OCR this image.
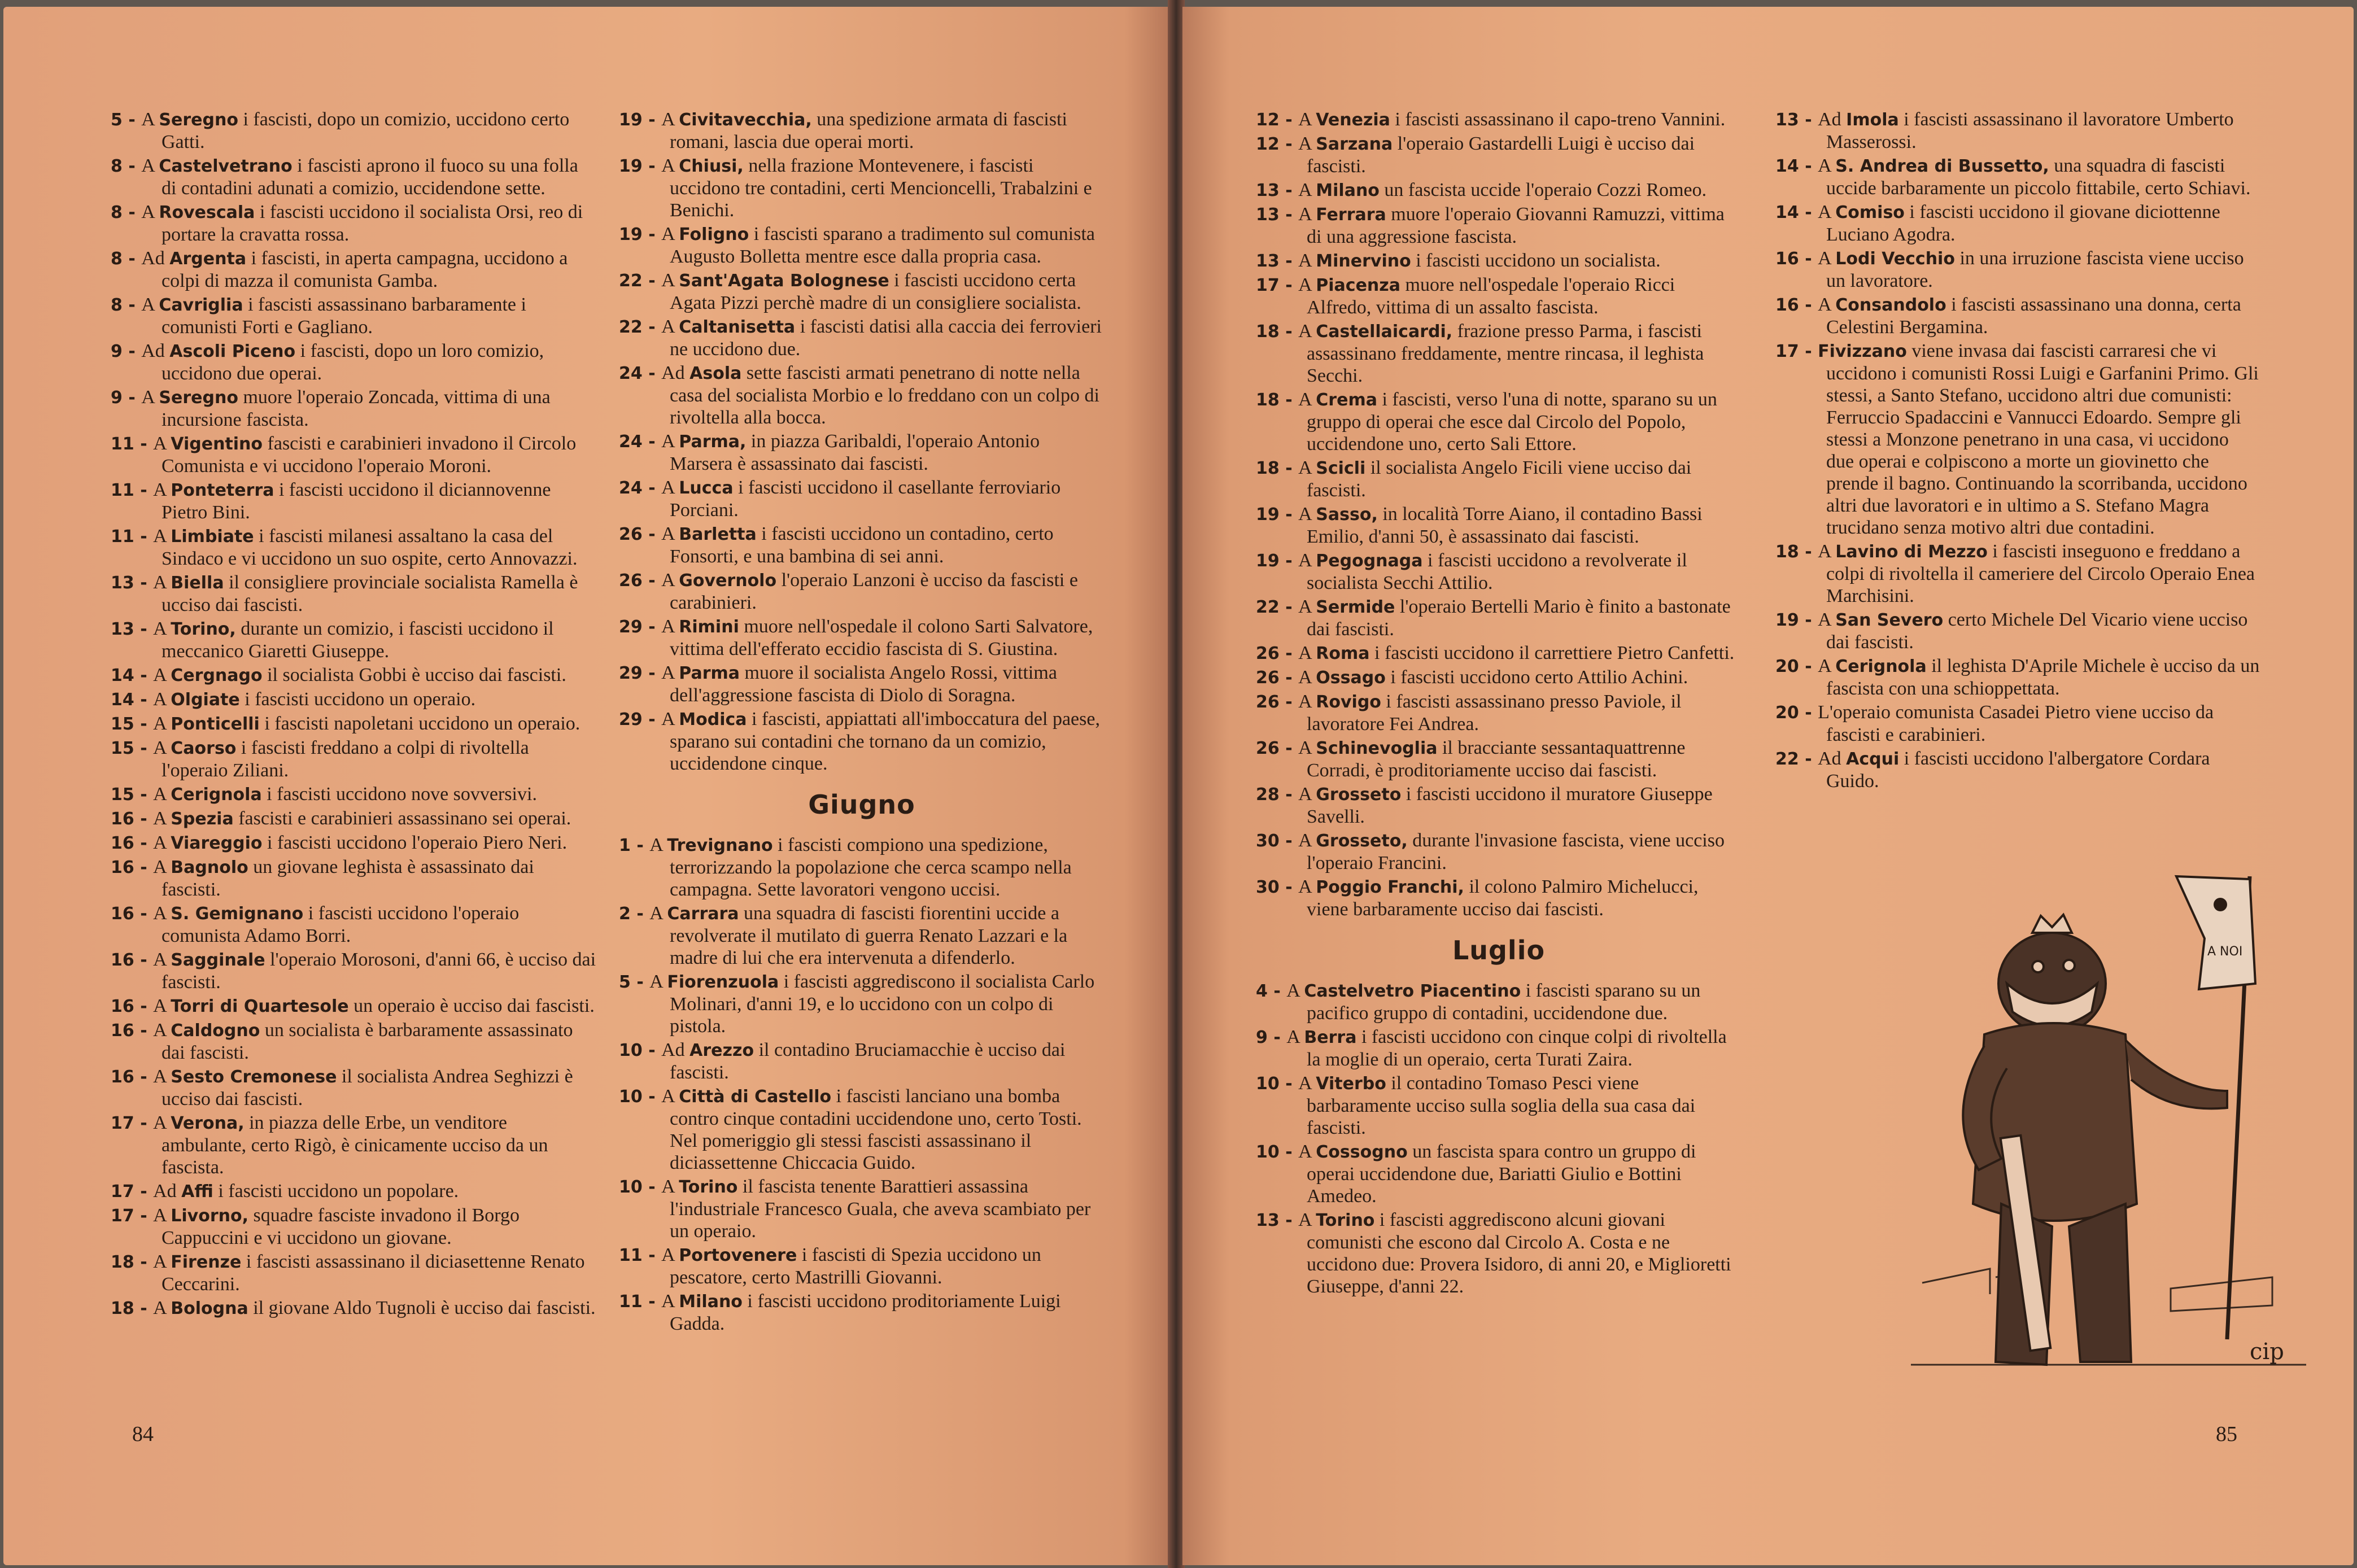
5 - A Seregno i fascisti, dopo un comizio, uccidono certo Gatti.
8 - A Castelvetrano i fascisti aprono il fuoco su una folla di contadini adunati a comizio, uccidendone sette.
8 - A Rovescala i fascisti uccidono il socialista Orsi, reo di portare la cravatta rossa.
8 - Ad Argenta i fascisti, in aperta campagna, uccidono a colpi di mazza il comunista Gamba.
8 - A Cavriglia i fascisti assassinano barbaramente i comunisti Forti e Gagliano.
9 - Ad Ascoli Piceno i fascisti, dopo un loro comizio, uccidono due operai.
9 - A Seregno muore l'operaio Zoncada, vittima di una incursione fascista.
11 - A Vigentino fascisti e carabinieri invadono il Circolo Comunista e vi uccidono l'operaio Moroni.
11 - A Ponteterra i fascisti uccidono il diciannovenne Pietro Bini.
11 - A Limbiate i fascisti milanesi assaltano la casa del Sindaco e vi uccidono un suo ospite, certo Annovazzi.
13 - A Biella il consigliere provinciale socialista Ramella è ucciso dai fascisti.
13 - A Torino, durante un comizio, i fascisti uccidono il meccanico Giaretti Giuseppe.
14 - A Cergnago il socialista Gobbi è ucciso dai fascisti.
14 - A Olgiate i fascisti uccidono un operaio.
15 - A Ponticelli i fascisti napoletani uccidono un operaio.
15 - A Caorso i fascisti freddano a colpi di rivoltella l'operaio Ziliani.
15 - A Cerignola i fascisti uccidono nove sovversivi.
16 - A Spezia fascisti e carabinieri assassinano sei operai.
16 - A Viareggio i fascisti uccidono l'operaio Piero Neri.
16 - A Bagnolo un giovane leghista è assassinato dai fascisti.
16 - A S. Gemignano i fascisti uccidono l'operaio comunista Adamo Borri.
16 - A Sagginale l'operaio Morosoni, d'anni 66, è ucciso dai fascisti.
16 - A Torri di Quartesole un operaio è ucciso dai fascisti.
16 - A Caldogno un socialista è barbaramente assassinato dai fascisti.
16 - A Sesto Cremonese il socialista Andrea Seghizzi è ucciso dai fascisti.
17 - A Verona, in piazza delle Erbe, un venditore ambulante, certo Rigò, è cinicamente ucciso da un fascista.
17 - Ad Affi i fascisti uccidono un popolare.
17 - A Livorno, squadre fasciste invadono il Borgo Cappuccini e vi uccidono un giovane.
18 - A Firenze i fascisti assassinano il diciasettenne Renato Ceccarini.
18 - A Bologna il giovane Aldo Tugnoli è ucciso dai fascisti.
19 - A Civitavecchia, una spedizione armata di fascisti romani, lascia due operai morti.
19 - A Chiusi, nella frazione Montevenere, i fascisti uccidono tre contadini, certi Mencioncelli, Trabalzini e Benichi.
19 - A Foligno i fascisti sparano a tradimento sul comunista Augusto Bolletta mentre esce dalla propria casa.
22 - A Sant'Agata Bolognese i fascisti uccidono certa Agata Pizzi perchè madre di un consigliere socialista.
22 - A Caltanisetta i fascisti datisi alla caccia dei ferrovieri ne uccidono due.
24 - Ad Asola sette fascisti armati penetrano di notte nella casa del socialista Morbio e lo freddano con un colpo di rivoltella alla bocca.
24 - A Parma, in piazza Garibaldi, l'operaio Antonio Marsera è assassinato dai fascisti.
24 - A Lucca i fascisti uccidono il casellante ferroviario Porciani.
26 - A Barletta i fascisti uccidono un contadino, certo Fonsorti, e una bambina di sei anni.
26 - A Governolo l'operaio Lanzoni è ucciso da fascisti e carabinieri.
29 - A Rimini muore nell'ospedale il colono Sarti Salvatore, vittima dell'efferato eccidio fascista di S. Giustina.
29 - A Parma muore il socialista Angelo Rossi, vittima dell'aggressione fascista di Diolo di Soragna.
29 - A Modica i fascisti, appiattati all'imboccatura del paese, sparano sui contadini che tornano da un comizio, uccidendone cinque.
Giugno
1 - A Trevignano i fascisti compiono una spedizione, terrorizzando la popolazione che cerca scampo nella campagna. Sette lavoratori vengono uccisi.
2 - A Carrara una squadra di fascisti fiorentini uccide a revolverate il mutilato di guerra Renato Lazzari e la madre di lui che era intervenuta a difenderlo.
5 - A Fiorenzuola i fascisti aggrediscono il socialista Carlo Molinari, d'anni 19, e lo uccidono con un colpo di pistola.
10 - Ad Arezzo il contadino Bruciamacchie è ucciso dai fascisti.
10 - A Città di Castello i fascisti lanciano una bomba contro cinque contadini uccidendone uno, certo Tosti. Nel pomeriggio gli stessi fascisti assassinano il diciassettenne Chiccacia Guido.
10 - A Torino il fascista tenente Barattieri assassina l'industriale Francesco Guala, che aveva scambiato per un operaio.
11 - A Portovenere i fascisti di Spezia uccidono un pescatore, certo Mastrilli Giovanni.
11 - A Milano i fascisti uccidono proditoriamente Luigi Gadda.
84
12 - A Venezia i fascisti assassinano il capo-treno Vannini.
12 - A Sarzana l'operaio Gastardelli Luigi è ucciso dai fascisti.
13 - A Milano un fascista uccide l'operaio Cozzi Romeo.
13 - A Ferrara muore l'operaio Giovanni Ramuzzi, vittima di una aggressione fascista.
13 - A Minervino i fascisti uccidono un socialista.
17 - A Piacenza muore nell'ospedale l'operaio Ricci Alfredo, vittima di un assalto fascista.
18 - A Castellaicardi, frazione presso Parma, i fascisti assassinano freddamente, mentre rincasa, il leghista Secchi.
18 - A Crema i fascisti, verso l'una di notte, sparano su un gruppo di operai che esce dal Circolo del Popolo, uccidendone uno, certo Sali Ettore.
18 - A Scicli il socialista Angelo Ficili viene ucciso dai fascisti.
19 - A Sasso, in località Torre Aiano, il contadino Bassi Emilio, d'anni 50, è assassinato dai fascisti.
19 - A Pegognaga i fascisti uccidono a revolverate il socialista Secchi Attilio.
22 - A Sermide l'operaio Bertelli Mario è finito a bastonate dai fascisti.
26 - A Roma i fascisti uccidono il carrettiere Pietro Canfetti.
26 - A Ossago i fascisti uccidono certo Attilio Achini.
26 - A Rovigo i fascisti assassinano presso Paviole, il lavoratore Fei Andrea.
26 - A Schinevoglia il bracciante sessantaquattrenne Corradi, è proditoriamente ucciso dai fascisti.
28 - A Grosseto i fascisti uccidono il muratore Giuseppe Savelli.
30 - A Grosseto, durante l'invasione fascista, viene ucciso l'operaio Francini.
30 - A Poggio Franchi, il colono Palmiro Michelucci, viene barbaramente ucciso dai fascisti.
Luglio
4 - A Castelvetro Piacentino i fascisti sparano su un pacifico gruppo di contadini, uccidendone due.
9 - A Berra i fascisti uccidono con cinque colpi di rivoltella la moglie di un operaio, certa Turati Zaira.
10 - A Viterbo il contadino Tomaso Pesci viene barbaramente ucciso sulla soglia della sua casa dai fascisti.
10 - A Cossogno un fascista spara contro un gruppo di operai uccidendone due, Bariatti Giulio e Bottini Amedeo.
13 - A Torino i fascisti aggrediscono alcuni giovani comunisti che escono dal Circolo A. Costa e ne uccidono due: Provera Isidoro, di anni 20, e Miglioretti Giuseppe, d'anni 22.
13 - Ad Imola i fascisti assassinano il lavoratore Umberto Masserossi.
14 - A S. Andrea di Bussetto, una squadra di fascisti uccide barbaramente un piccolo fittabile, certo Schiavi.
14 - A Comiso i fascisti uccidono il giovane diciottenne Luciano Agodra.
16 - A Lodi Vecchio in una irruzione fascista viene ucciso un lavoratore.
16 - A Consandolo i fascisti assassinano una donna, certa Celestini Bergamina.
17 - Fivizzano viene invasa dai fascisti carraresi che vi uccidono i comunisti Rossi Luigi e Garfanini Primo. Gli stessi, a Santo Stefano, uccidono altri due comunisti: Ferruccio Spadaccini e Vannucci Edoardo. Sempre gli stessi a Monzone penetrano in una casa, vi uccidono due operai e colpiscono a morte un giovinetto che prende il bagno. Continuando la scorribanda, uccidono altri due lavoratori e in ultimo a S. Stefano Magra trucidano senza motivo altri due contadini.
18 - A Lavino di Mezzo i fascisti inseguono e freddano a colpi di rivoltella il cameriere del Circolo Operaio Enea Marchisini.
19 - A San Severo certo Michele Del Vicario viene ucciso dai fascisti.
20 - A Cerignola il leghista D'Aprile Michele è ucciso da un fascista con una schioppettata.
20 - L'operaio comunista Casadei Pietro viene ucciso da fascisti e carabinieri.
22 - Ad Acqui i fascisti uccidono l'albergatore Cordara Guido.
85
A NOI
cip
